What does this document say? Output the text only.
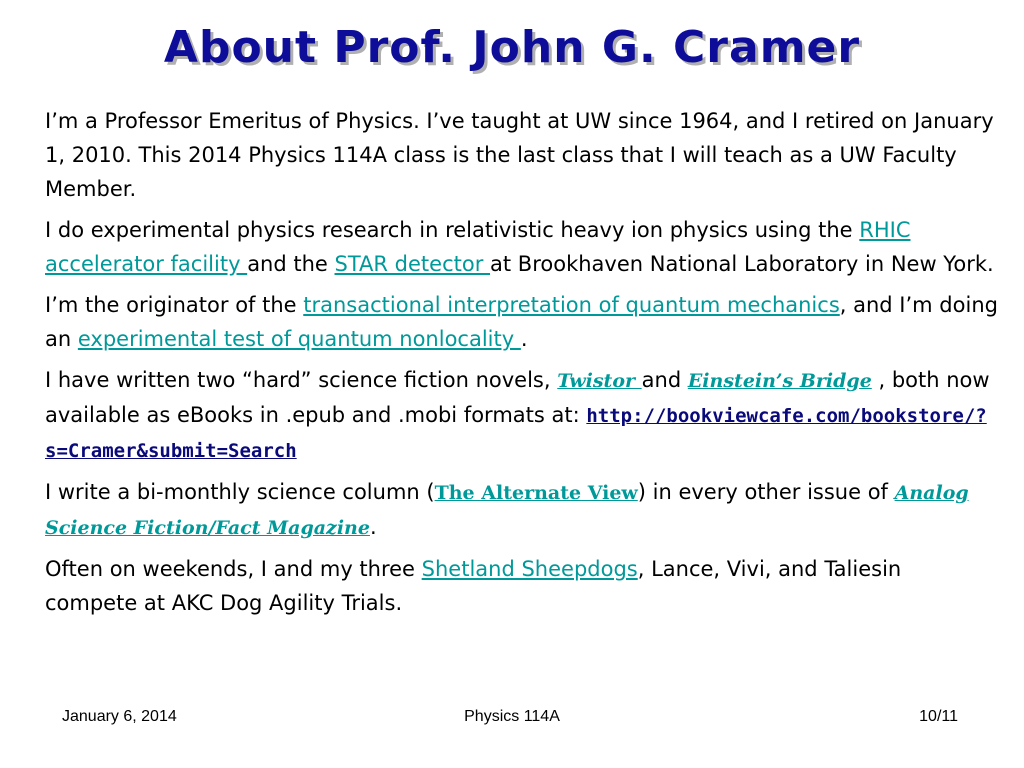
About Prof. John G. Cramer

I’m a Professor Emeritus of Physics. I’ve taught at UW since 1964, and I retired on January 1, 2010. This 2014 Physics 114A class is the last class that I will teach as a UW Faculty Member.

I do experimental physics research in relativistic heavy ion physics using the RHIC accelerator facility and the STAR detector at Brookhaven National Laboratory in New York.

I’m the originator of the transactional interpretation of quantum mechanics, and I’m doing an experimental test of quantum nonlocality .

I have written two “hard” science fiction novels, Twistor and Einstein’s Bridge , both now available as eBooks in .epub and .mobi formats at: http://bookviewcafe.com/bookstore/?s=Cramer&submit=Search

I write a bi-monthly science column (The Alternate View) in every other issue of Analog Science Fiction/Fact Magazine.

Often on weekends, I and my three Shetland Sheepdogs, Lance, Vivi, and Taliesin compete at AKC Dog Agility Trials.

January 6, 2014	Physics 114A	10/11
